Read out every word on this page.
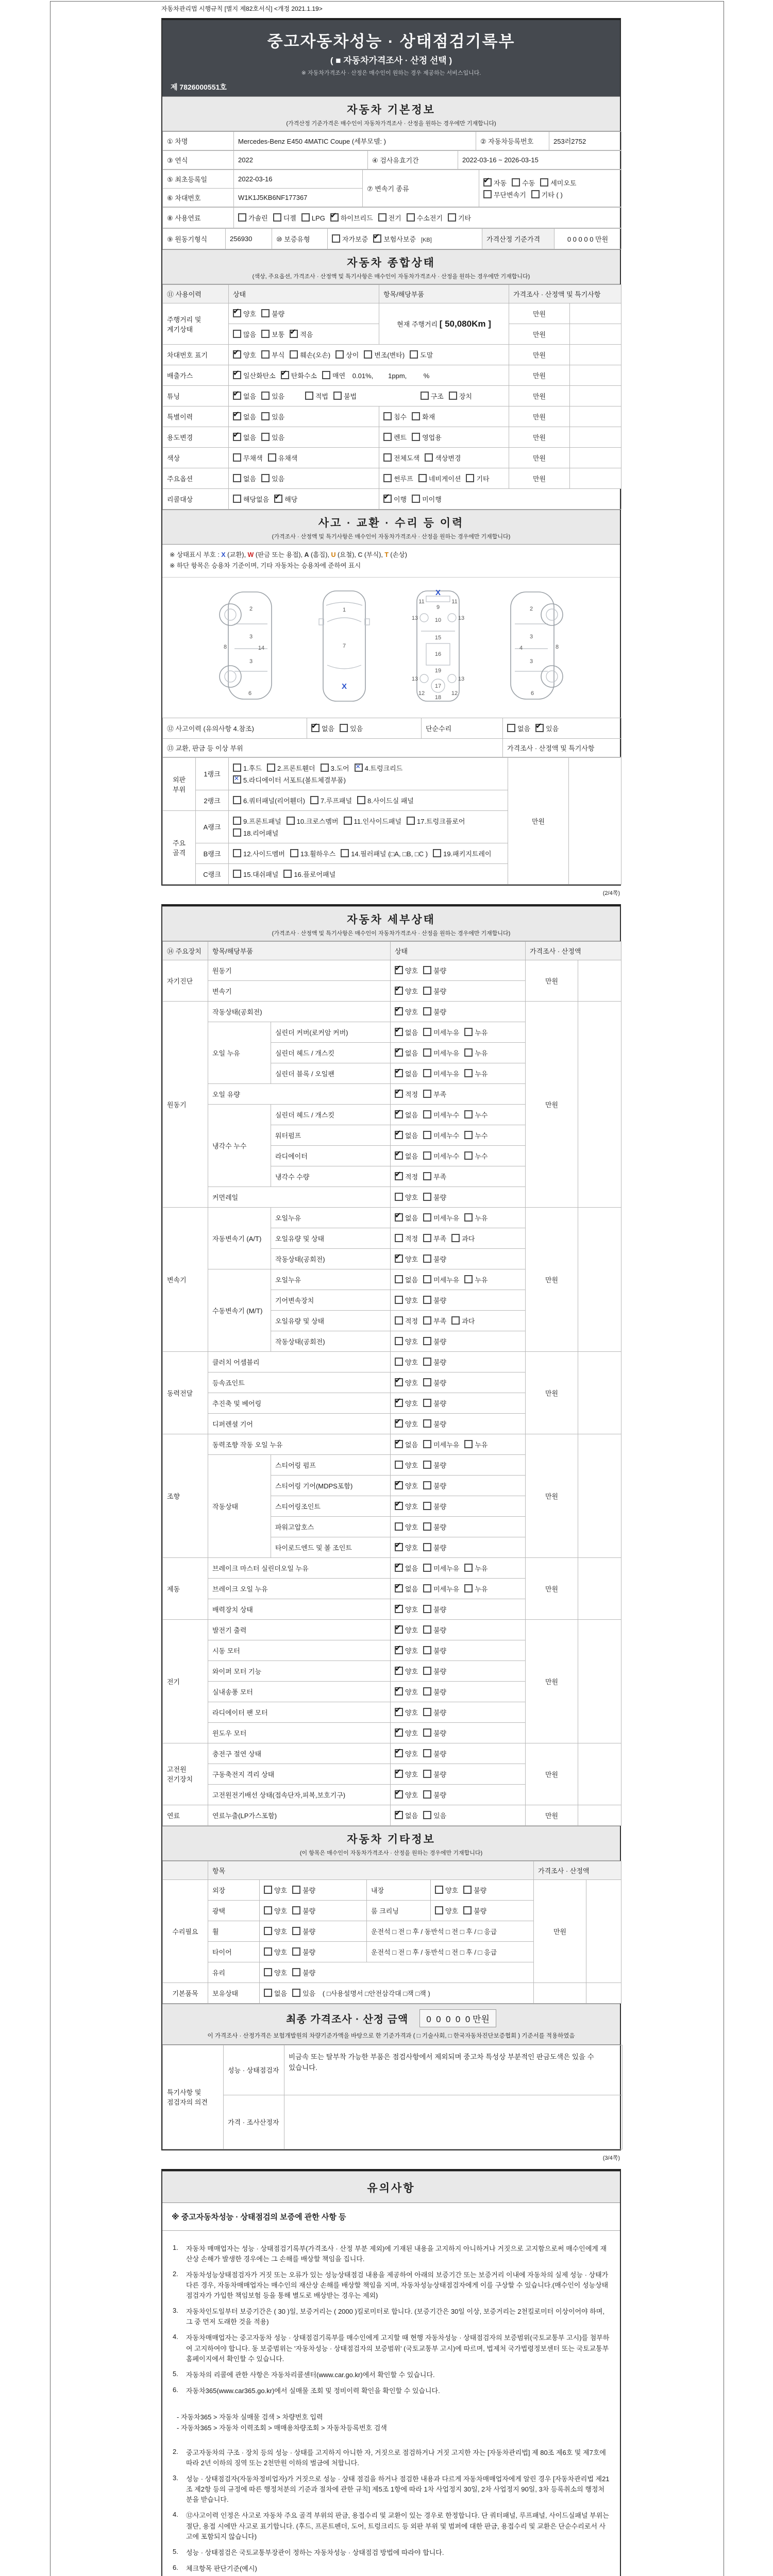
자동차관리법 시행규칙 [별지 제82호서식] <개정 2021.1.19>
중고자동차성능 · 상태점검기록부
( ■ 자동차가격조사 · 산정 선택 )
※ 자동차가격조사 · 산정은 매수인이 원하는 경우 제공하는 서비스입니다.
제 7826000551호
자동차 기본정보
(가격산정 기준가격은 매수인이 자동차가격조사 · 산정을 원하는 경우에만 기재합니다)
① 차명	Mercedes-Benz E450 4MATIC Coupe (세부모델: )	② 자동차등록번호	253러2752
③ 연식	2022	④ 검사유효기간	2022-03-16 ~ 2026-03-15
⑤ 최초등록일	2022-03-16	⑦ 변속기 종류	✔ 자동 수동 세미오토
무단변속기 기타 ( )

⑥ 차대번호	W1K1J5KB6NF177367		
⑧ 사용연료	가솔린 디젤 LPG ✔ 하이브리드 전기 수소전기 기타
⑨ 원동기형식	256930	⑩ 보증유형	자가보증 ✔ 보험사보증 [KB]	가격산정 기준가격	0 0 0 0 0 만원
자동차 종합상태
(색상, 주요옵션, 가격조사 · 산정액 및 특기사항은 매수인이 자동차가격조사 · 산정을 원하는 경우에만 기재합니다)
⑪ 사용이력	상태	항목/해당부품	가격조사 · 산정액 및 특기사항	
주행거리 및 계기상태	✔ 양호 불량	현재 주행거리 [ 50,080Km ]	만원	
	많음 보통 ✔ 적음		만원	
차대번호 표기	✔ 양호 부식 훼손(오손) 상이 변조(변타) 도말		만원	
배출가스	✔ 일산화탄소 ✔ 탄화수소 매연 0.01%,        1ppm,         %		만원	
튜닝	✔ 없음 있음 적법 불법 구조 장치		만원	
특별이력	✔ 없음 있음	침수 화재	만원	
용도변경	✔ 없음 있음	렌트 영업용	만원	
색상	무채색 유채색	전체도색 색상변경	만원	
주요옵션	없음 있음	썬루프 네비게이션 기타	만원	
리콜대상	해당없음 ✔ 해당	✔ 이행 미이행		
사고 · 교환 · 수리 등 이력
(가격조사 · 산정액 및 특기사항은 매수인이 자동차가격조사 · 산정을 원하는 경우에만 기재합니다)
※ 상태표시 부호 : X (교환), W (판금 또는 용접), A (흠집), U (요철), C (부식), T (손상)
※ 하단 항목은 승용차 기준이며, 기타 자동차는 승용차에 준하여 표시
2
3
14
3
8
6
1
7
X
X
9
11	11
13	13
10
15
16
19
13	13
17
12	12
18
2
3
4
3
8
6
⑫ 사고이력 (유의사항 4.참조)	✔ 없음 있음	단순수리	없음 ✔ 있음
⑬ 교환, 판금 등 이상 부위			가격조사 · 산정액 및 특기사항
외판 부위	1랭크	1.후드 2.프론트휀더 3.도어 ✕ 4.트렁크리드
✕ 5.라디에이터 서포트(볼트체결부품)	만원	
	2랭크	6.쿼터패널(리어휀더) 7.루프패널 8.사이드실 패널		
주요 골격	A랭크	9.프론트패널 10.크로스멤버 11.인사이드패널 17.트렁크플로어18.리어패널		
	B랭크	12.사이드멤버 13.휠하우스 14.필러패널 (□A, □B, □C ) 19.패키지트레이		
	C랭크	15.대쉬패널 16.플로어패널		
(2/4쪽)
자동차 세부상태
(가격조사 · 산정액 및 특기사항은 매수인이 자동차가격조사 · 산정을 원하는 경우에만 기재합니다)
⑭ 주요장치	항목/해당부품		상태	가격조사 · 산정액	
자기진단	원동기		✔ 양호 불량	만원	
	변속기		✔ 양호 불량		
원동기	작동상태(공회전)		✔ 양호 불량	만원	
	오일 누유	실린더 커버(로커암 커버)	✔ 없음 미세누유 누유		
		실린더 헤드 / 개스킷	✔ 없음 미세누유 누유		
		실린더 블록 / 오일팬	✔ 없음 미세누유 누유		
	오일 유량		✔ 적정 부족		
	냉각수 누수	실린더 헤드 / 개스킷	✔ 없음 미세누수 누수		
		워터펌프	✔ 없음 미세누수 누수		
		라디에이터	✔ 없음 미세누수 누수		
		냉각수 수량	✔ 적정 부족		
	커먼레일		양호 불량		
변속기	자동변속기 (A/T)	오일누유	✔ 없음 미세누유 누유	만원	
		오일유량 및 상태	적정 부족 과다		
		작동상태(공회전)	✔ 양호 불량		
	수동변속기 (M/T)	오일누유	없음 미세누유 누유		
		기어변속장치	양호 불량		
		오일유량 및 상태	적정 부족 과다		
		작동상태(공회전)	양호 불량		
동력전달	클러치 어셈블리		양호 불량	만원	
	등속죠인트		✔ 양호 불량		
	추진축 및 베어링		✔ 양호 불량		
	디퍼렌셜 기어		✔ 양호 불량		
조향	동력조향 작동 오일 누유		✔ 없음 미세누유 누유	만원	
	작동상태	스티어링 펌프	양호 불량		
		스티어링 기어(MDPS포함)	✔ 양호 불량		
		스티어링조인트	✔ 양호 불량		
		파워고압호스	양호 불량		
		타이로드엔드 및 볼 조인트	✔ 양호 불량		
제동	브레이크 마스터 실린더오일 누유		✔ 없음 미세누유 누유	만원	
	브레이크 오일 누유		✔ 없음 미세누유 누유		
	배력장치 상태		✔ 양호 불량		
전기	발전기 출력		✔ 양호 불량	만원	
	시동 모터		✔ 양호 불량		
	와이퍼 모터 기능		✔ 양호 불량		
	실내송풍 모터		✔ 양호 불량		
	라디에이터 팬 모터		✔ 양호 불량		
	윈도우 모터		✔ 양호 불량		
고전원 전기장치	충전구 절연 상태		✔ 양호 불량	만원	
	구동축전지 격리 상태		✔ 양호 불량		
	고전원전기배선 상태(접속단자,피복,보호기구)		✔ 양호 불량		
연료	연료누출(LP가스포함)		✔ 없음 있음	만원	
자동차 기타정보
(이 항목은 매수인이 자동차가격조사 · 산정을 원하는 경우에만 기재합니다)
	항목				가격조사 · 산정액	
수리필요	외장	양호 불량	내장	양호 불량	만원	
	광택	양호 불량	룸 크리닝	양호 불량		
	휠	양호 불량	운전석 □ 전 □ 후 / 동반석 □ 전 □ 후 / □ 응급			
	타이어	양호 불량	운전석 □ 전 □ 후 / 동반석 □ 전 □ 후 / □ 응급			
	유리	양호 불량				
기본품목	보유상태	없음 있음 ( □사용설명서 □안전삼각대 □잭 □잭 )				
최종 가격조사 · 산정 금액	0  0  0  0  0 만원
이 가격조사 · 산정가격은 보험개발원의 차량기준가액을 바탕으로 한 기준가격과 ( □ 기술사회, □ 한국자동차진단보증협회 ) 기준서를 적용하였음
특기사항 및 점검자의 의견	성능 · 상태점검자	비금속 또는 탈부착 가능한 부품은 점검사항에서 제외되며 중고차 특성상 부분적인 판금도색은 있을 수 있습니다.
	가격 · 조사산정자	
(3/4쪽)
유의사항
※ 중고자동차성능 · 상태점검의 보증에 관한 사항 등
1.	자동차 매매업자는 성능 · 상태점검기록부(가격조사 · 산정 부분 제외)에 기재된 내용을 고지하지 아니하거나 거짓으로 고지함으로써 매수인에게 재산상 손해가 발생한 경우에는 그 손해를 배상할 책임을 집니다.
2.	자동차성능상태점검자가 거짓 또는 오류가 있는 성능상태점검 내용을 제공하여 아래의 보증기간 또는 보증거리 이내에 자동차의 실제 성능 · 상태가 다른 경우, 자동차매매업자는 매수인의 재산상 손해를 배상할 책임을 지며, 자동차성능상태점검자에게 이를 구상할 수 있습니다.(매수인이 성능상태점검자가 가입한 책임보험 등을 통해 별도로 배상받는 경우는 제외)
3.	자동차인도일부터 보증기간은 ( 30 )일, 보증거리는 ( 2000 )킬로미터로 합니다. (보증기간은 30일 이상, 보증거리는 2천킬로미터 이상이어야 하며, 그 중 먼저 도래한 것을 적용)
4.	자동차매매업자는 중고자동차 성능 · 상태점검기록부를 매수인에게 고지할 때 현행 자동차성능 · 상태점검자의 보증범위(국토교통부 고시)를 첨부하여 고지하여야 합니다. 동 보증범위는 '자동차성능 · 상태점검자의 보증범위' (국토교통부 고시)에 따르며, 법제처 국가법령정보센터 또는 국토교통부 홈페이지에서 확인할 수 있습니다.
5.	자동차의 리콜에 관한 사항은 자동차리콜센터(www.car.go.kr)에서 확인할 수 있습니다.
6.	자동차365(www.car365.go.kr)에서 실매물 조회 및 정비이력 확인을 확인할 수 있습니다.
- 자동차365 > 자동차 실매물 검색 > 차량번호 입력
- 자동차365 > 자동차 이력조회 > 매매용차량조회 > 자동차등록번호 검색
2.	중고자동차의 구조 · 장치 등의 성능 · 상태를 고지하지 아니한 자, 거짓으로 점검하거나 거짓 고지한 자는 [자동차관리법] 제 80조 제6호 및 제7호에 따라 2년 이하의 징역 또는 2천만원 이하의 벌금에 처합니다.
3.	성능 · 상태점검자(자동차정비업자)가 거짓으로 성능 · 상태 점검을 하거나 점검한 내용과 다르게 자동차매매업자에게 알린 경우 [자동차관리법 제21조 제2항 등의 규정에 따른 행정처분의 기준과 절차에 관한 규칙] 제5조 1항에 따라 1차 사업정지 30일, 2차 사업정지 90일, 3차 등록취소의 행정처분을 받습니다.
4.	⑫사고이력 인정은 사고로 자동차 주요 골격 부위의 판금, 용접수리 및 교환이 있는 경우로 한정합니다. 단 쿼터패널, 루프패널, 사이드실패널 부위는 절단, 용접 시에만 사고로 표기합니다. (후드, 프론트펜더, 도어, 트렁크리드 등 외판 부위 및 범퍼에 대한 판금, 용접수리 및 교환은 단순수리로서 사고에 포함되지 않습니다)
5.	성능 · 상태점검은 국토교통부장관이 정하는 자동차성능 · 상태점검 방법에 따라야 합니다.
6.	체크항목 판단기준(예시)
